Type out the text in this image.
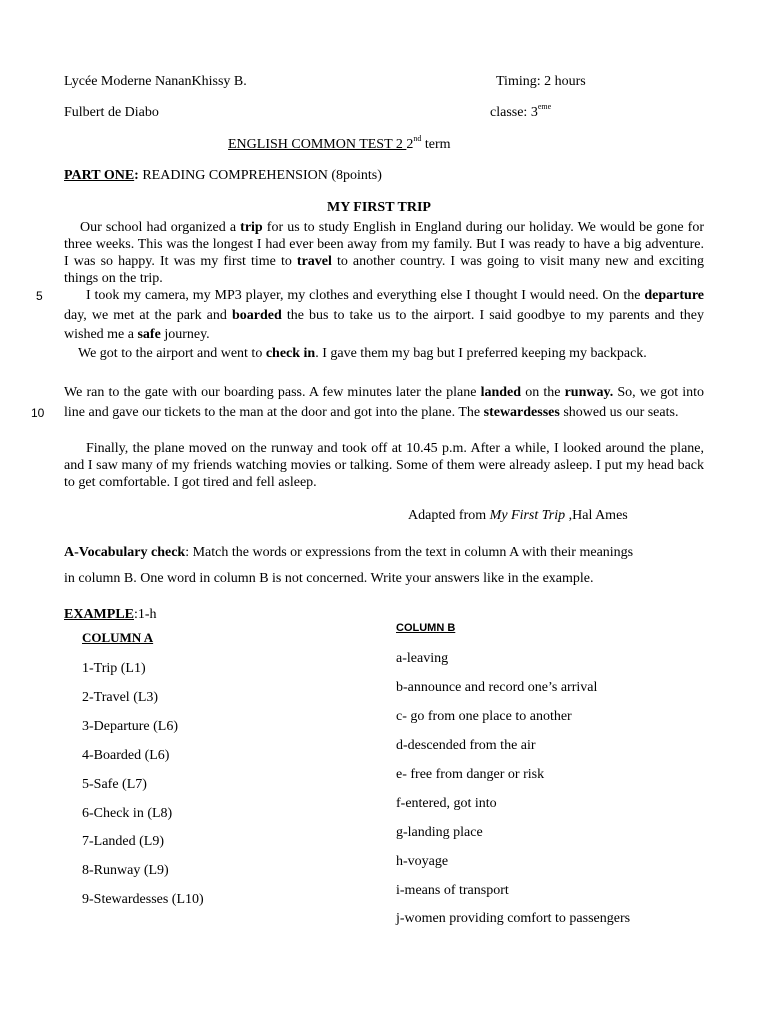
Lycée Moderne NananKhissy B.	Timing: 2 hours
Fulbert de Diabo	classe: 3eme
ENGLISH COMMON TEST 2 2nd term
PART ONE: READING COMPREHENSION (8points)
MY FIRST TRIP
Our school had organized a trip for us to study English in England during our holiday. We would be gone for three weeks. This was the longest I had ever been away from my family. But I was ready to have a big adventure. I was so happy. It was my first time to travel to another country. I was going to visit many new and exciting things on the trip.
5	I took my camera, my MP3 player, my clothes and everything else I thought I would need. On the departure day, we met at the park and boarded the bus to take us to the airport. I said goodbye to my parents and they wished me a safe journey.
We got to the airport and went to check in. I gave them my bag but I preferred keeping my backpack.
10
We ran to the gate with our boarding pass. A few minutes later the plane landed on the runway. So, we got into line and gave our tickets to the man at the door and got into the plane. The stewardesses showed us our seats.
Finally, the plane moved on the runway and took off at 10.45 p.m. After a while, I looked around the plane, and I saw many of my friends watching movies or talking. Some of them were already asleep. I put my head back to get comfortable. I got tired and fell asleep.
Adapted from My First Trip ,Hal Ames
A-Vocabulary check: Match the words or expressions from the text in column A with their meanings
in column B. One word in column B is not concerned. Write your answers like in the example.
EXAMPLE:1-h
COLUMN A
COLUMN B
1-Trip (L1)
2-Travel (L3)
3-Departure (L6)
4-Boarded (L6)
5-Safe (L7)
6-Check in (L8)
7-Landed (L9)
8-Runway (L9)
9-Stewardesses (L10)
a-leaving
b-announce and record one’s arrival
c- go from one place to another
d-descended from the air
e- free from danger or risk
f-entered, got into
g-landing place
h-voyage
i-means of transport
j-women providing comfort to passengers
